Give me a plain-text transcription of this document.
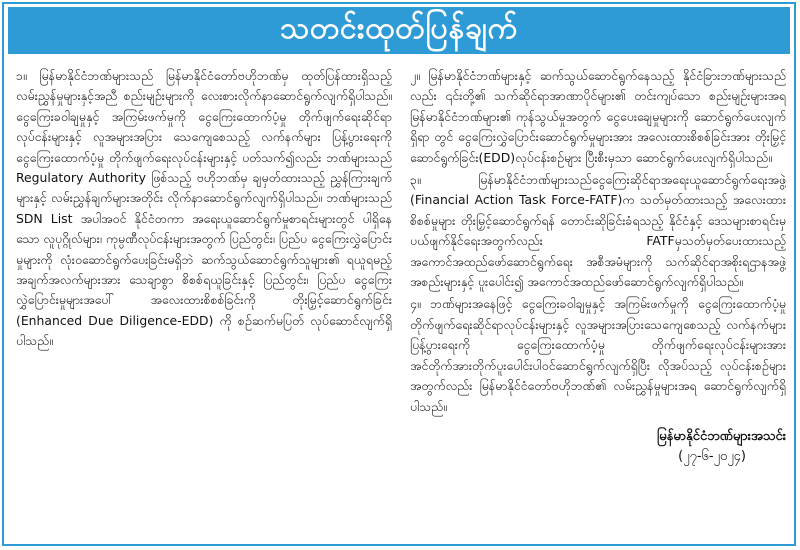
သတင်းထုတ်ပြန်ချက်

၁။ မြန်မာနိုင်ငံဘဏ်များသည် မြန်မာနိုင်ငံတော်ဗဟိုဘဏ်မှ ထုတ်ပြန်ထားရှိသည့် လမ်းညွှန်မှုများနှင့်အညီ စည်းမျဉ်းများကို လေးစားလိုက်နာဆောင်ရွက်လျက်ရှိပါသည်။ ငွေကြေးခဝါချမှုနှင့် အကြမ်းဖက်မှုကို ငွေကြေးထောက်ပံ့မှု တိုက်ဖျက်ရေးဆိုင်ရာလုပ်ငန်းများနှင့် လူအများအပြား သေကျေစေသည့် လက်နက်များ ပြန့်ပွားရေးကို ငွေကြေးထောက်ပံ့မှု တိုက်ဖျက်ရေးလုပ်ငန်းများနှင့် ပတ်သက်၍လည်း ဘဏ်များသည် Regulatory Authority ဖြစ်သည့် ဗဟိုဘဏ်မှ ချမှတ်ထားသည့် ညွှန်ကြားချက်များနှင့် လမ်းညွှန်ချက်များအတိုင်း လိုက်နာဆောင်ရွက်လျက်ရှိပါသည်။ ဘဏ်များသည် SDN List အပါအဝင် နိုင်ငံတကာ အရေးယူဆောင်ရွက်မှုစာရင်းများတွင် ပါရှိနေသော လူပုဂ္ဂိုလ်များ၊ ကုမ္ပဏီလုပ်ငန်းများအတွက် ပြည်တွင်း၊ ပြည်ပ ငွေကြေးလွှဲပြောင်းမှုများကို လုံးဝဆောင်ရွက်ပေးခြင်းမရှိဘဲ ဆက်သွယ်ဆောင်ရွက်သူများ၏ ရယူရမည့် အချက်အလက်များအား သေချာစွာ စိစစ်ရယူခြင်းနှင့် ပြည်တွင်း၊ ပြည်ပ ငွေကြေးလွှဲပြောင်းမှုများအပေါ် အလေးထားစိစစ်ခြင်းကို တိုးမြှင့်ဆောင်ရွက်ခြင်း (Enhanced Due Diligence-EDD) ကို စဉ်ဆက်မပြတ် လုပ်ဆောင်လျက်ရှိပါသည်။

၂။ မြန်မာနိုင်ငံဘဏ်များနှင့် ဆက်သွယ်ဆောင်ရွက်နေသည့် နိုင်ငံခြားဘဏ်များသည်လည်း ၎င်းတို့၏ သက်ဆိုင်ရာအာဏာပိုင်များ၏ တင်းကျပ်သော စည်းမျဉ်းများအရ မြန်မာနိုင်ငံဘဏ်များ၏ ကုန်သွယ်မှုအတွက် ငွေပေးချေမှုများကို ဆောင်ရွက်ပေးလျက်ရှိရာ တွင် ငွေကြေးလွှဲပြောင်းဆောင်ရွက်မှုများအား အလေးထားစိစစ်ခြင်းအား တိုးမြှင့်ဆောင်ရွက်ခြင်း(EDD)လုပ်ငန်းစဉ်များ ပြီးစီးမှသာ ဆောင်ရွက်ပေးလျက်ရှိပါသည်။

၃။ မြန်မာနိုင်ငံဘဏ်များသည်ငွေကြေးဆိုင်ရာအရေးယူဆောင်ရွက်ရေးအဖွဲ့ (Financial Action Task Force-FATF)က သတ်မှတ်ထားသည့် အလေးထားစိစစ်မှုများ တိုးမြှင့်ဆောင်ရွက်ရန် တောင်းဆိုခြင်းခံရသည့် နိုင်ငံနှင့် ဒေသများစာရင်းမှ ပယ်ဖျက်နိုင်ရေးအတွက်လည်း FATFမှသတ်မှတ်ပေးထားသည့် အကောင်အထည်ဖော်ဆောင်ရွက်ရေး အစီအမံများကို သက်ဆိုင်ရာအစိုးရဌာနအဖွဲ့အစည်းများနှင့် ပူးပေါင်း၍ အကောင်အထည်ဖော်ဆောင်ရွက်လျက်ရှိပါသည်။

၄။ ဘဏ်များအနေဖြင့် ငွေကြေးခဝါချမှုနှင့် အကြမ်းဖက်မှုကို ငွေကြေးထောက်ပံ့မှု တိုက်ဖျက်ရေးဆိုင်ရာလုပ်ငန်းများနှင့် လူအများအပြားသေကျေစေသည့် လက်နက်များ ပြန့်ပွားရေးကို ငွေကြေးထောက်ပံ့မှု တိုက်ဖျက်ရေးလုပ်ငန်းများအား အင်တိုက်အားတိုက်ပူးပေါင်းပါဝင်ဆောင်ရွက်လျက်ရှိပြီး လိုအပ်သည့် လုပ်ငန်းစဉ်များအတွက်လည်း မြန်မာနိုင်ငံတော်ဗဟိုဘဏ်၏ လမ်းညွှန်မှုများအရ ဆောင်ရွက်လျက်ရှိပါသည်။

မြန်မာနိုင်ငံဘဏ်များအသင်း
(၂၇-၆-၂၀၂၄)
